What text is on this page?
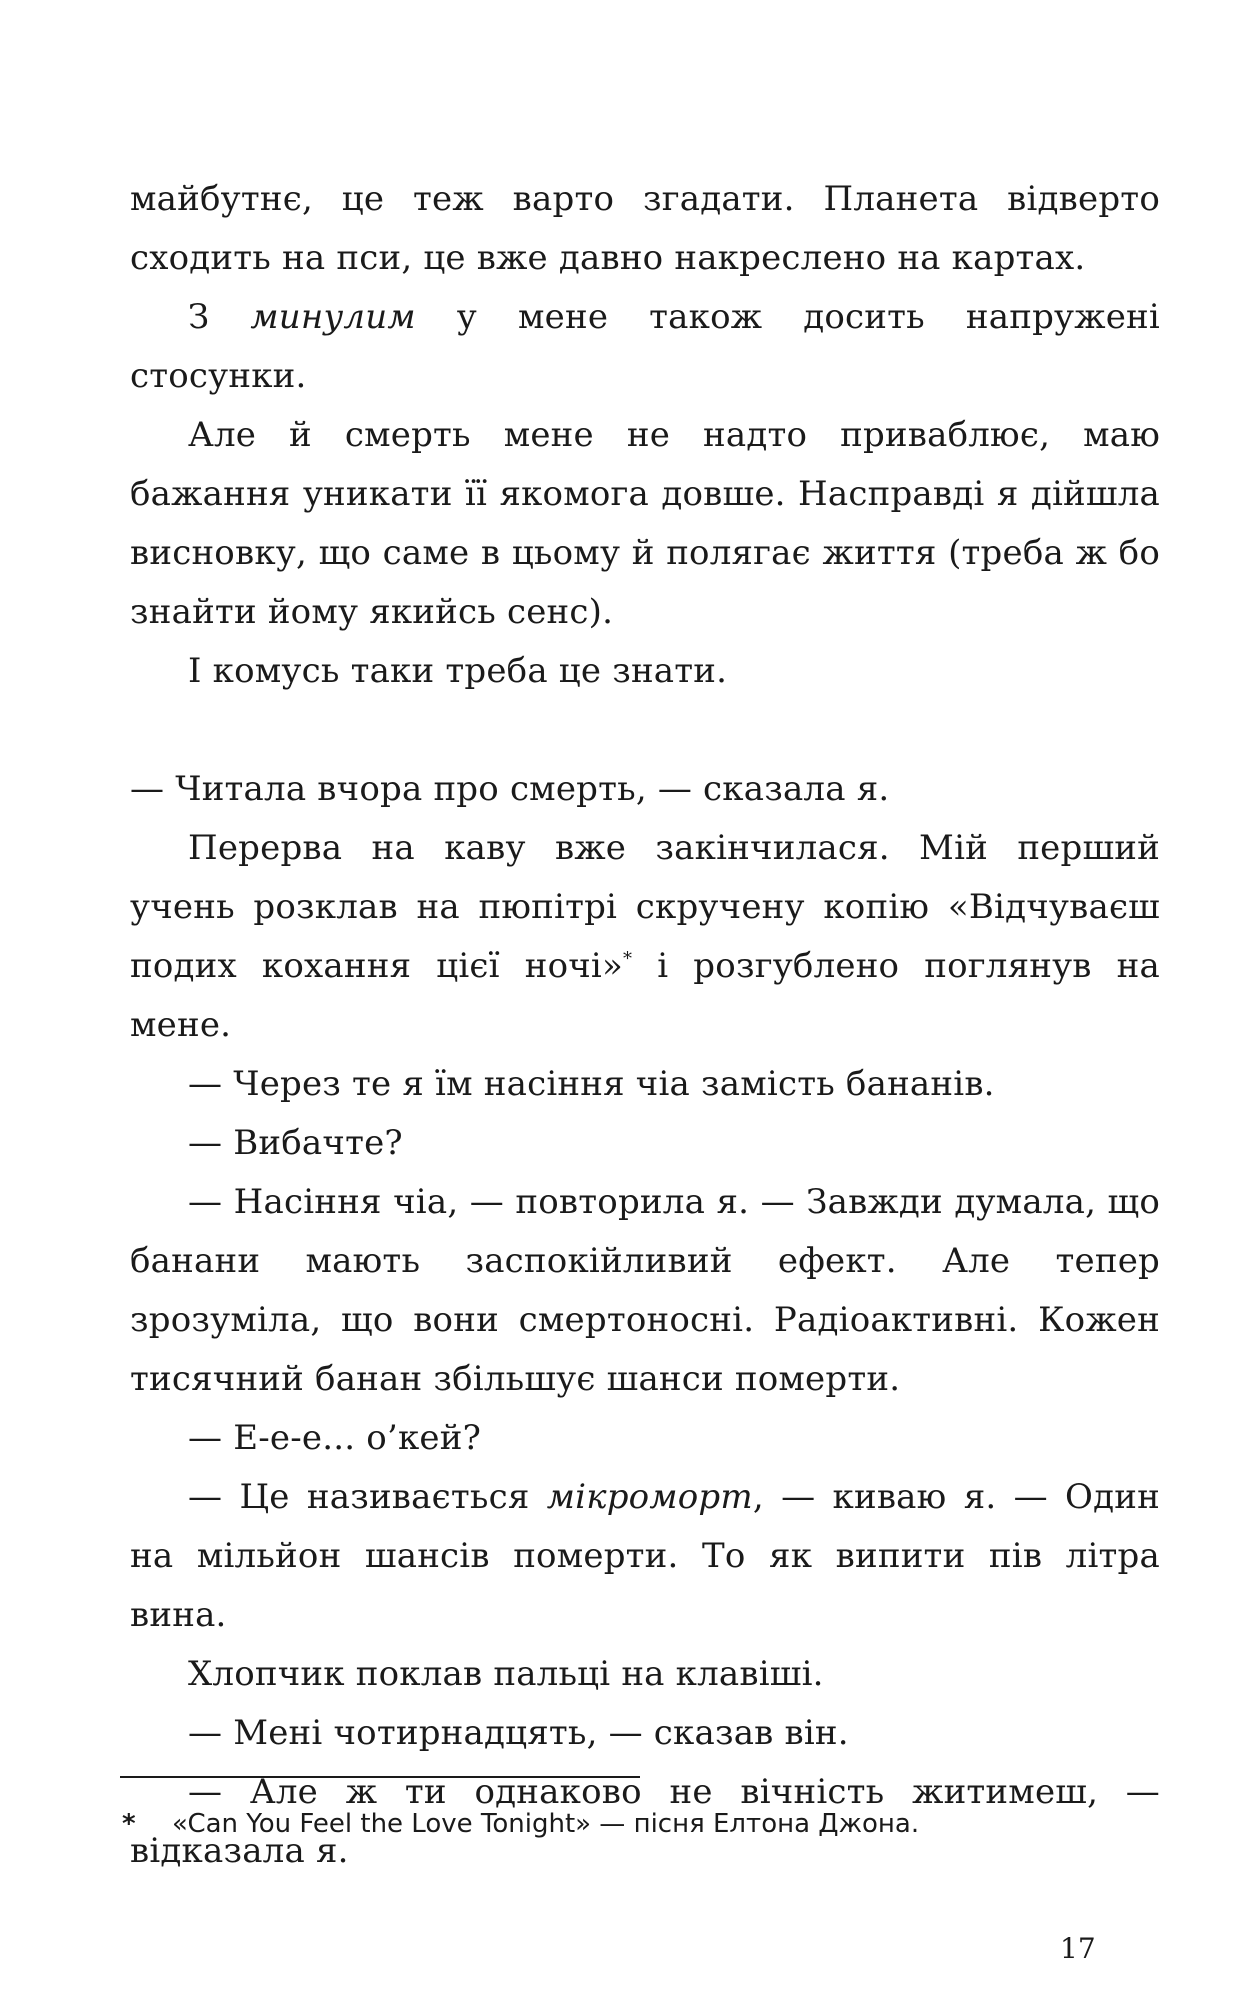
майбутнє, це теж варто згадати. Планета відверто сходить на пси, це вже давно накреслено на картах.

З минулим у мене також досить напружені стосунки.

Але й смерть мене не надто приваблює, маю бажання уникати її якомога довше. Насправді я дійшла висновку, що саме в цьому й полягає життя (треба ж бо знайти йому якийсь сенс).

І комусь таки треба це знати.

— Читала вчора про смерть, — сказала я.

Перерва на каву вже закінчилася. Мій перший учень розклав на пюпітрі скручену копію «Відчуваєш подих кохання цієї ночі»* і розгублено поглянув на мене.

— Через те я їм насіння чіа замість бананів.

— Вибачте?

— Насіння чіа, — повторила я. — Завжди думала, що банани мають заспокійливий ефект. Але тепер зрозуміла, що вони смертоносні. Радіоактивні. Кожен тисячний банан збільшує шанси померти.

— Е-е-е... о’кей?

— Це називається мікроморт, — киваю я. — Один на мільйон шансів померти. То як випити пів літра вина.

Хлопчик поклав пальці на клавіші.

— Мені чотирнадцять, — сказав він.

— Але ж ти однаково не вічність житимеш, — відказала я.

* «Can You Feel the Love Tonight» — пісня Елтона Джона.
17
